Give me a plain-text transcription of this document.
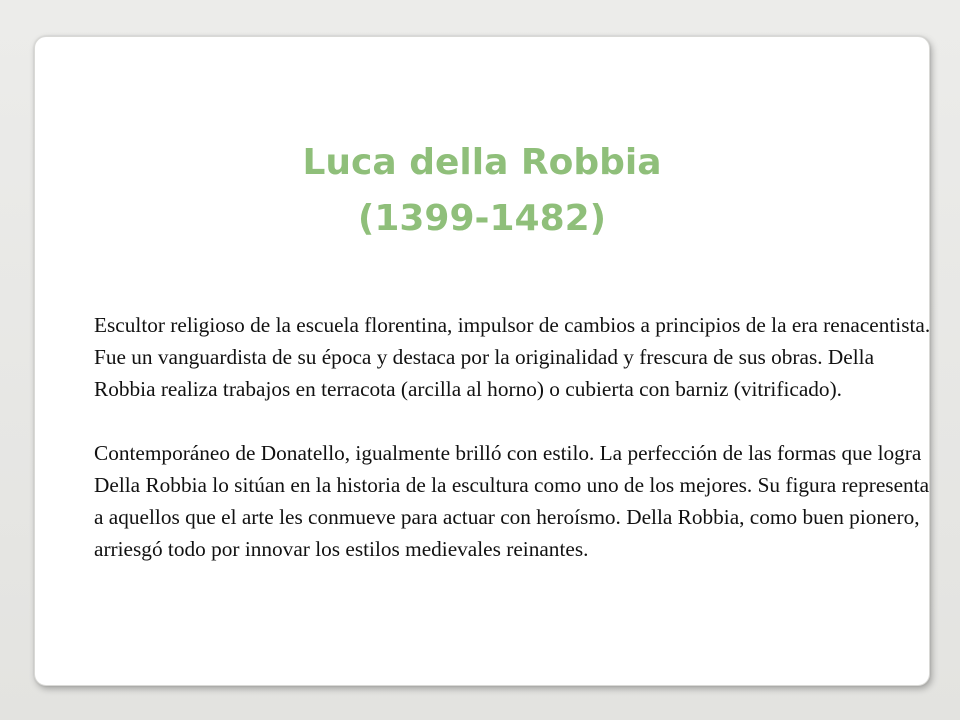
Luca della Robbia
(1399-1482)

Escultor religioso de la escuela florentina, impulsor de cambios a principios de la era renacentista.

Fue un vanguardista de su época y destaca por la originalidad y frescura de sus obras. Della Robbia realiza trabajos en terracota (arcilla al horno) o cubierta con barniz (vitrificado).

Contemporáneo de Donatello, igualmente brilló con estilo. La perfección de las formas que logra Della Robbia lo sitúan en la historia de la escultura como uno de los mejores. Su figura representa a aquellos que el arte les conmueve para actuar con heroísmo. Della Robbia, como buen pionero, arriesgó todo por innovar los estilos medievales reinantes.
